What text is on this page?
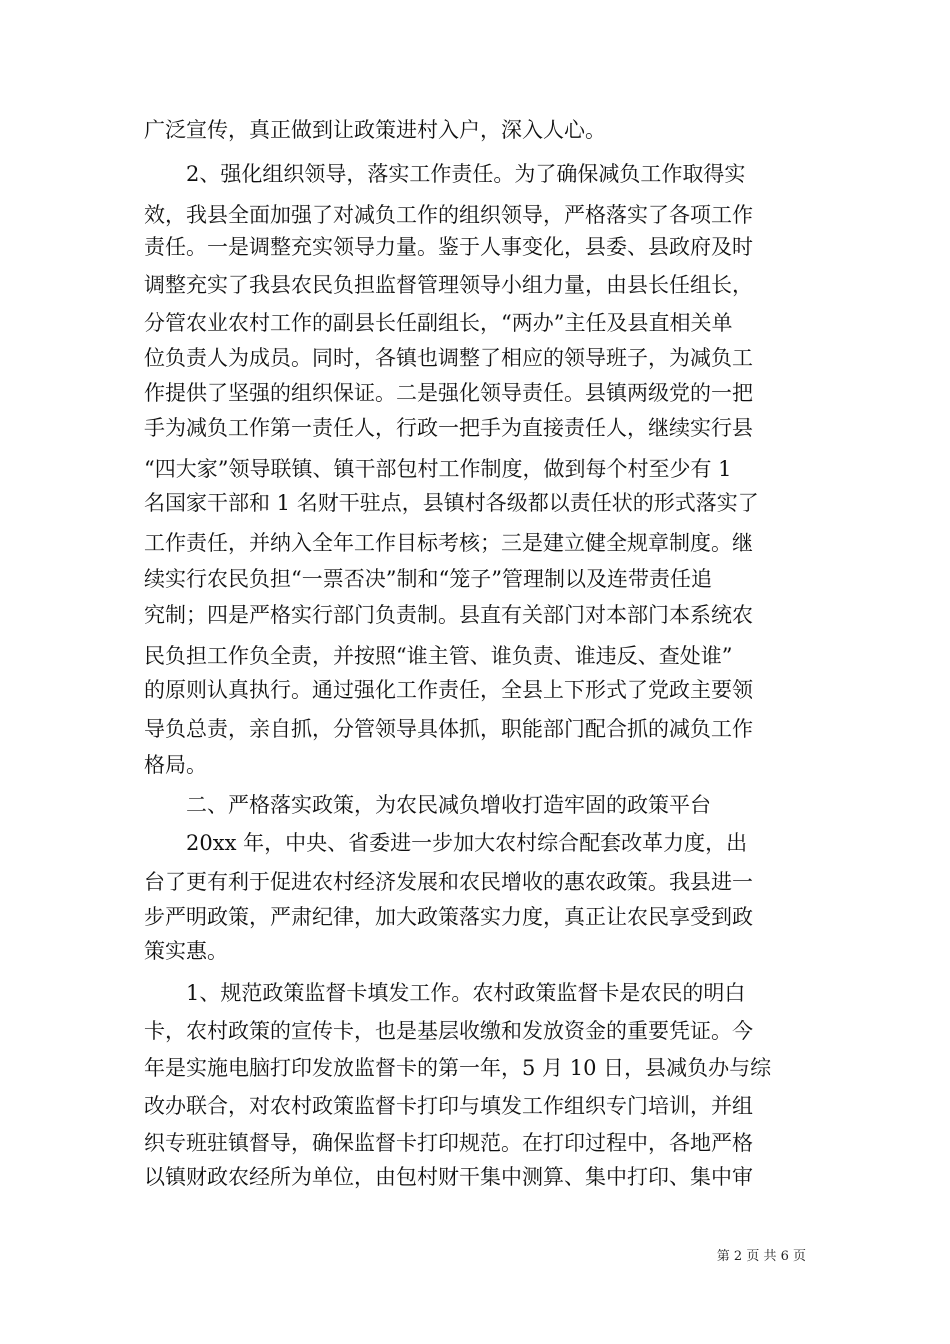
广泛宣传，真正做到让政策进村入户，深入人心。
　　2、强化组织领导，落实工作责任。为了确保减负工作取得实
效，我县全面加强了对减负工作的组织领导，严格落实了各项工作
责任。一是调整充实领导力量。鉴于人事变化，县委、县政府及时
调整充实了我县农民负担监督管理领导小组力量，由县长任组长，
分管农业农村工作的副县长任副组长，“两办”主任及县直相关单
位负责人为成员。同时，各镇也调整了相应的领导班子，为减负工
作提供了坚强的组织保证。二是强化领导责任。县镇两级党的一把
手为减负工作第一责任人，行政一把手为直接责任人，继续实行县
“四大家”领导联镇、镇干部包村工作制度，做到每个村至少有 1
名国家干部和 1 名财干驻点，县镇村各级都以责任状的形式落实了
工作责任，并纳入全年工作目标考核；三是建立健全规章制度。继
续实行农民负担“一票否决”制和“笼子”管理制以及连带责任追
究制；四是严格实行部门负责制。县直有关部门对本部门本系统农
民负担工作负全责，并按照“谁主管、谁负责、谁违反、查处谁”
的原则认真执行。通过强化工作责任，全县上下形式了党政主要领
导负总责，亲自抓，分管领导具体抓，职能部门配合抓的减负工作
格局。
　　二、严格落实政策，为农民减负增收打造牢固的政策平台
　　20xx 年，中央、省委进一步加大农村综合配套改革力度，出
台了更有利于促进农村经济发展和农民增收的惠农政策。我县进一
步严明政策，严肃纪律，加大政策落实力度，真正让农民享受到政
策实惠。
　　1、规范政策监督卡填发工作。农村政策监督卡是农民的明白
卡，农村政策的宣传卡，也是基层收缴和发放资金的重要凭证。今
年是实施电脑打印发放监督卡的第一年，5 月 10 日，县减负办与综
改办联合，对农村政策监督卡打印与填发工作组织专门培训，并组
织专班驻镇督导，确保监督卡打印规范。在打印过程中，各地严格
以镇财政农经所为单位，由包村财干集中测算、集中打印、集中审
第 2 页 共 6 页
